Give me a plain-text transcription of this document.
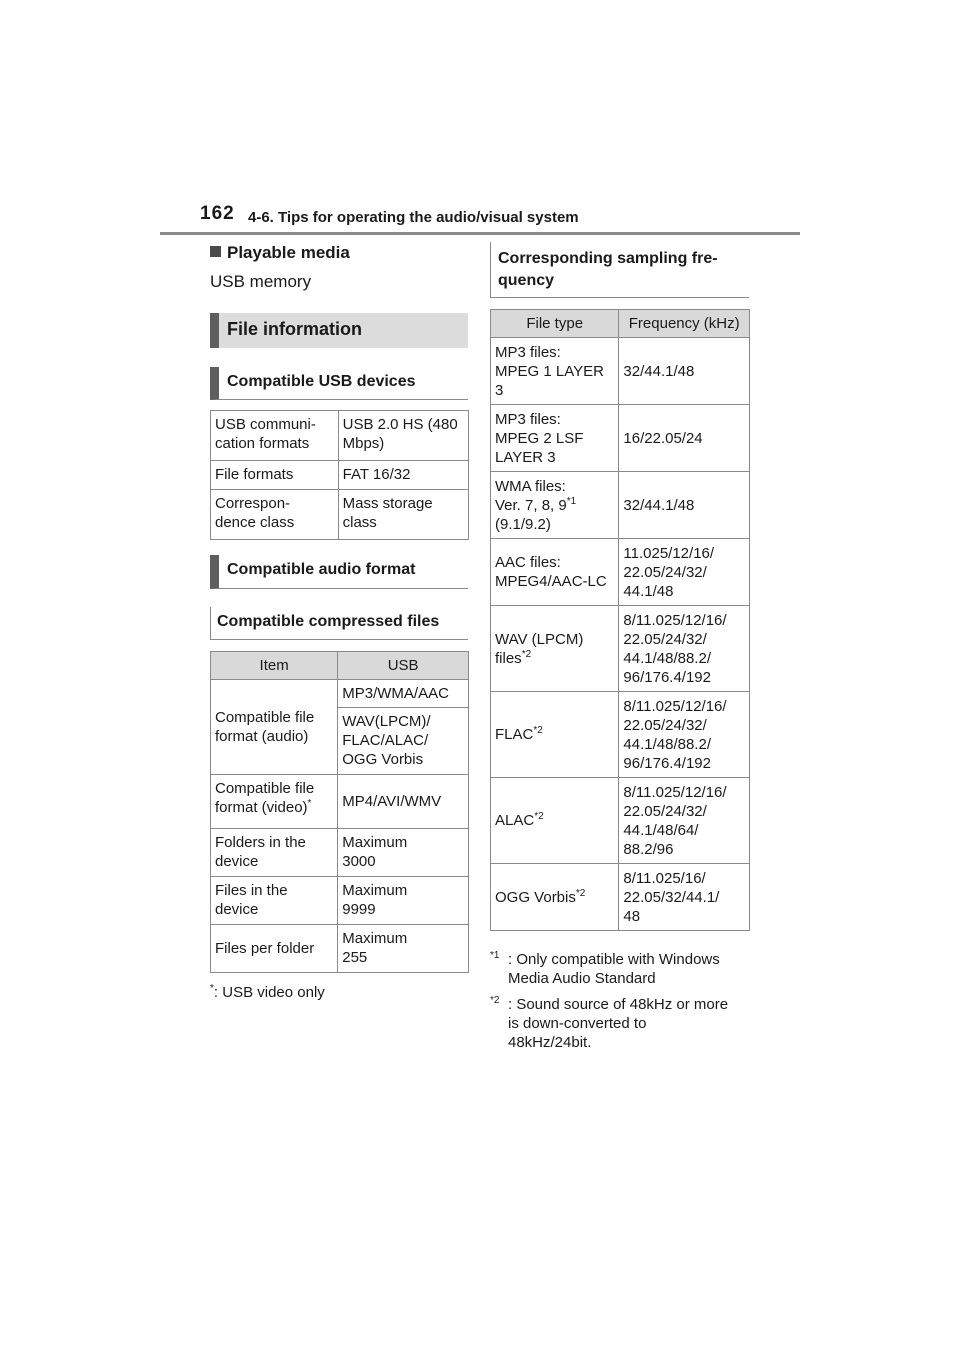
162 4-6. Tips for operating the audio/visual system
Playable media
USB memory
File information
Compatible USB devices
USB communi-
cation formats	USB 2.0 HS (480
Mbps)
File formats	FAT 16/32
Correspon-
dence class	Mass storage
class
Compatible audio format
Compatible compressed files
Item	USB
Compatible file
format (audio)	MP3/WMA/AAC
	WAV(LPCM)/
FLAC/ALAC/
OGG Vorbis
Compatible file
format (video)*	MP4/AVI/WMV
Folders in the
device	Maximum
3000
Files in the
device	Maximum
9999
Files per folder	Maximum
255
*: USB video only
Corresponding sampling fre-
quency
File type	Frequency (kHz)
MP3 files:
MPEG 1 LAYER
3	32/44.1/48
MP3 files:
MPEG 2 LSF
LAYER 3	16/22.05/24
WMA files:
Ver. 7, 8, 9$^{*1}$
(9.1/9.2)	32/44.1/48
AAC files:
MPEG4/AAC-LC	11.025/12/16/
22.05/24/32/
44.1/48
WAV (LPCM)
files$^{*2}$	8/11.025/12/16/
22.05/24/32/
44.1/48/88.2/
96/176.4/192
FLAC$^{*2}$	8/11.025/12/16/
22.05/24/32/
44.1/48/88.2/
96/176.4/192
ALAC$^{*2}$	8/11.025/12/16/
22.05/24/32/
44.1/48/64/
88.2/96
OGG Vorbis$^{*2}$	8/11.025/16/
22.05/32/44.1/
48
*1 : Only compatible with Windows
Media Audio Standard
*2 : Sound source of 48kHz or more
is down-converted to
48kHz/24bit.
